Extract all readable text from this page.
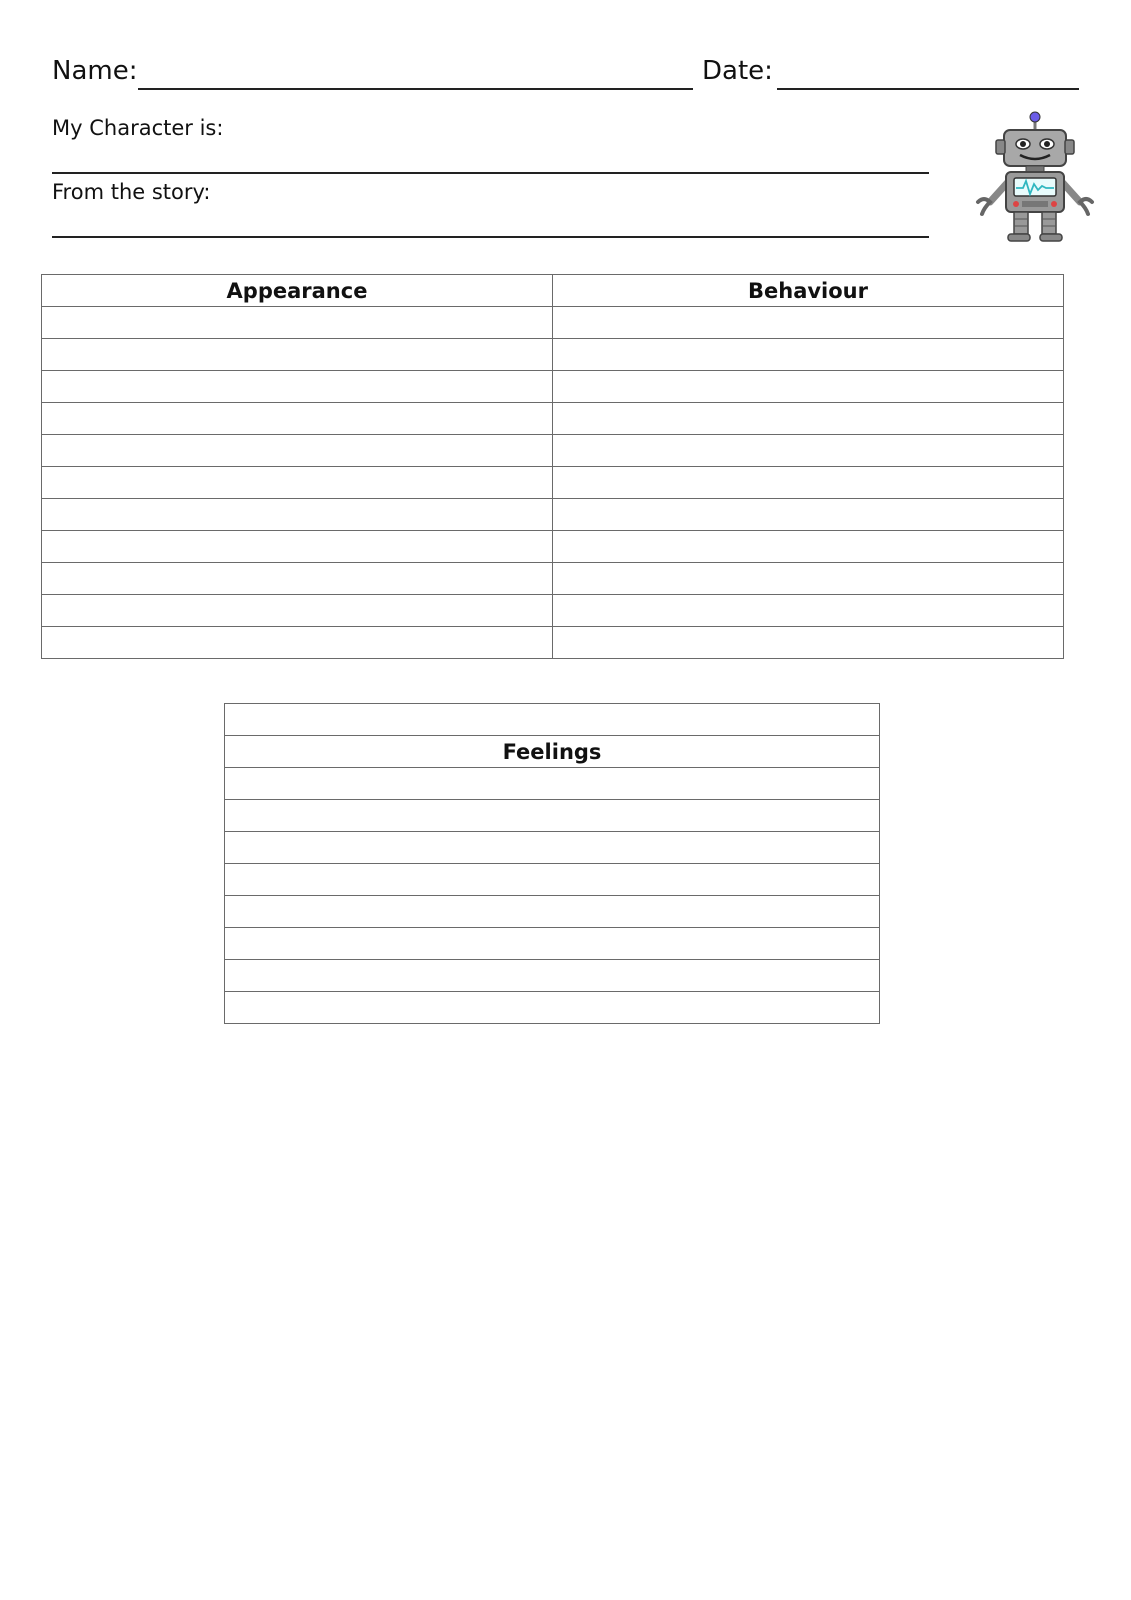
Name:	Date:
My Character is:
From the story:
Appearance	Behaviour

Feelings
